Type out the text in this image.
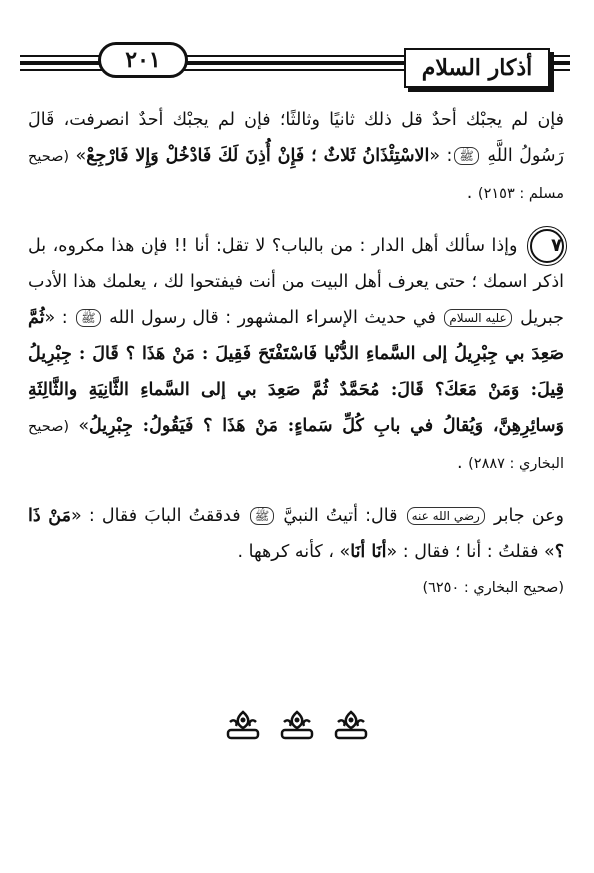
٢٠١	أذكار السلام

فإن لم يجبْك أحدٌ قل ذلك ثانيًا وثالثًا؛ فإن لم يجبْك أحدٌ انصرفت، قَالَ رَسُولُ اللَّهِ ﷺ: «الاسْتِئْذَانُ ثَلاثٌ ؛ فَإِنْ أُذِنَ لَكَ فَادْخُلْ وَإِلا فَارْجِعْ» (صحيح مسلم : ٢١٥٣) .

٧ وإذا سألك أهل الدار : من بالباب؟ لا تقل: أنا !! فإن هذا مكروه، بل اذكر اسمك ؛ حتى يعرف أهل البيت من أنت فيفتحوا لك ، يعلمك هذا الأدب جبريل عليه السلام في حديث الإسراء المشهور : قال رسول الله ﷺ : «ثُمَّ صَعِدَ بي جِبْرِيلُ إلى السَّماءِ الدُّنْيا فَاسْتَفْتَحَ فَقِيلَ : مَنْ هَذَا ؟ قَالَ : جِبْرِيلُ قِيلَ: وَمَنْ مَعَكَ؟ قَالَ: مُحَمَّدٌ ثُمَّ صَعِدَ بي إلى السَّماءِ الثَّانِيَةِ والثَّالِثَةِ وَسائِرِهِنَّ، وَيُقالُ في بابِ كُلِّ سَماءٍ: مَنْ هَذَا ؟ فَيَقُولُ: جِبْرِيلُ» (صحيح البخاري : ٢٨٨٧) .

وعن جابر رضي الله عنه قال: أتيتُ النبيَّ ﷺ فدققتُ البابَ فقال : «مَنْ ذَا ؟» فقلتُ : أنا ؛ فقال : «أنَا أنَا» ، كأنه كرهها .

(صحيح البخاري : ٦٢٥٠)
